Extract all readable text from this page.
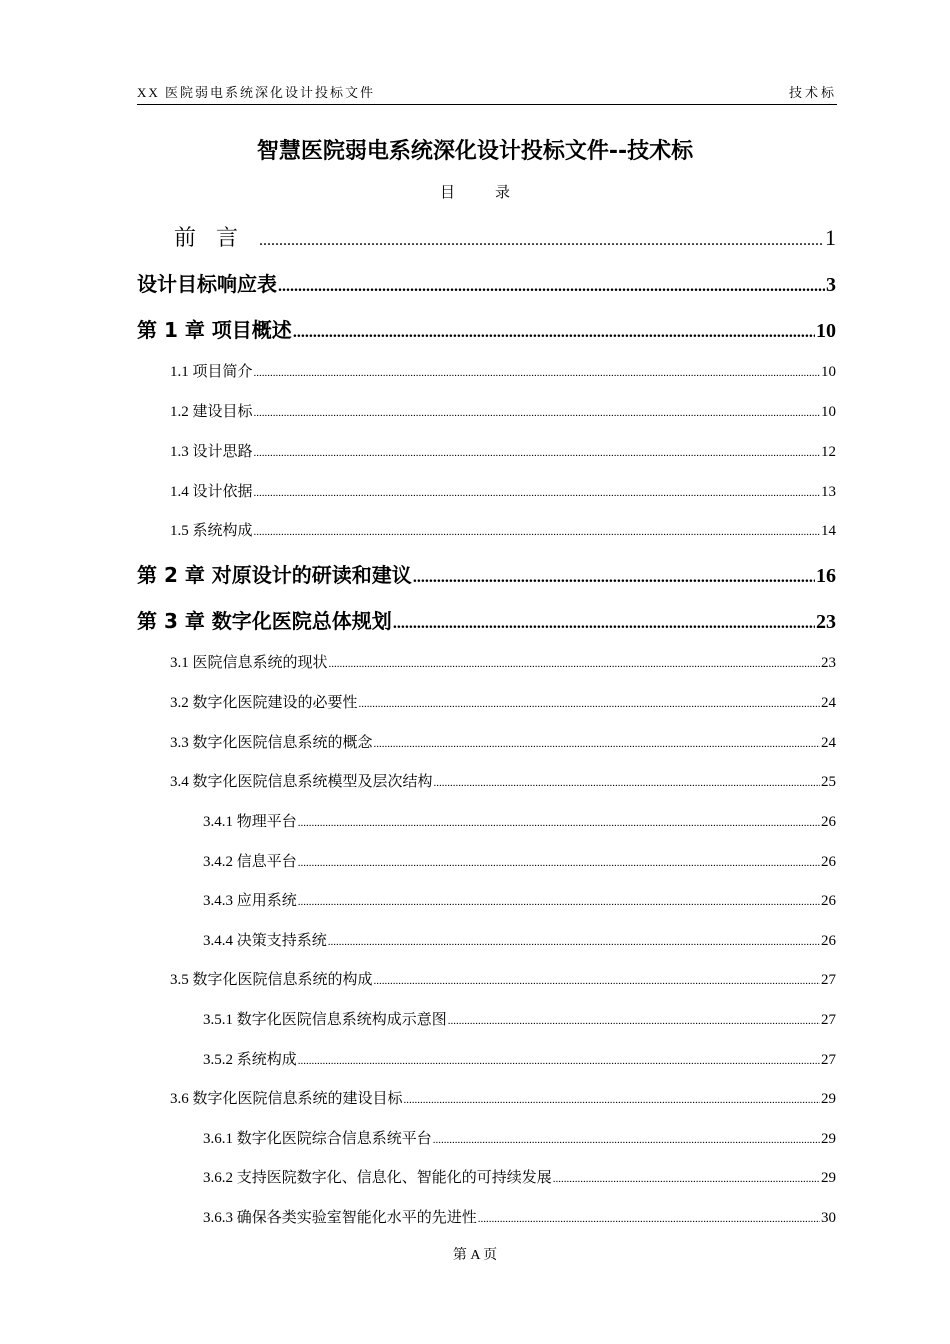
XX 医院弱电系统深化设计投标文件	技术标
智慧医院弱电系统深化设计投标文件--技术标
目录
前言 .....	1
设计目标响应表 .....	3
第 1 章 项目概述 .....	10
1.1 项目简介 .....	10
1.2 建设目标 .....	10
1.3 设计思路 .....	12
1.4 设计依据 .....	13
1.5 系统构成 .....	14
第 2 章 对原设计的研读和建议 .....	16
第 3 章 数字化医院总体规划 .....	23
3.1 医院信息系统的现状 .....	23
3.2 数字化医院建设的必要性 .....	24
3.3 数字化医院信息系统的概念 .....	24
3.4 数字化医院信息系统模型及层次结构 .....	25
3.4.1 物理平台 .....	26
3.4.2 信息平台 .....	26
3.4.3 应用系统 .....	26
3.4.4 决策支持系统 .....	26
3.5 数字化医院信息系统的构成 .....	27
3.5.1 数字化医院信息系统构成示意图 .....	27
3.5.2 系统构成 .....	27
3.6 数字化医院信息系统的建设目标 .....	29
3.6.1 数字化医院综合信息系统平台 .....	29
3.6.2 支持医院数字化、信息化、智能化的可持续发展 .....	29
3.6.3 确保各类实验室智能化水平的先进性 .....	30
第 A 页
